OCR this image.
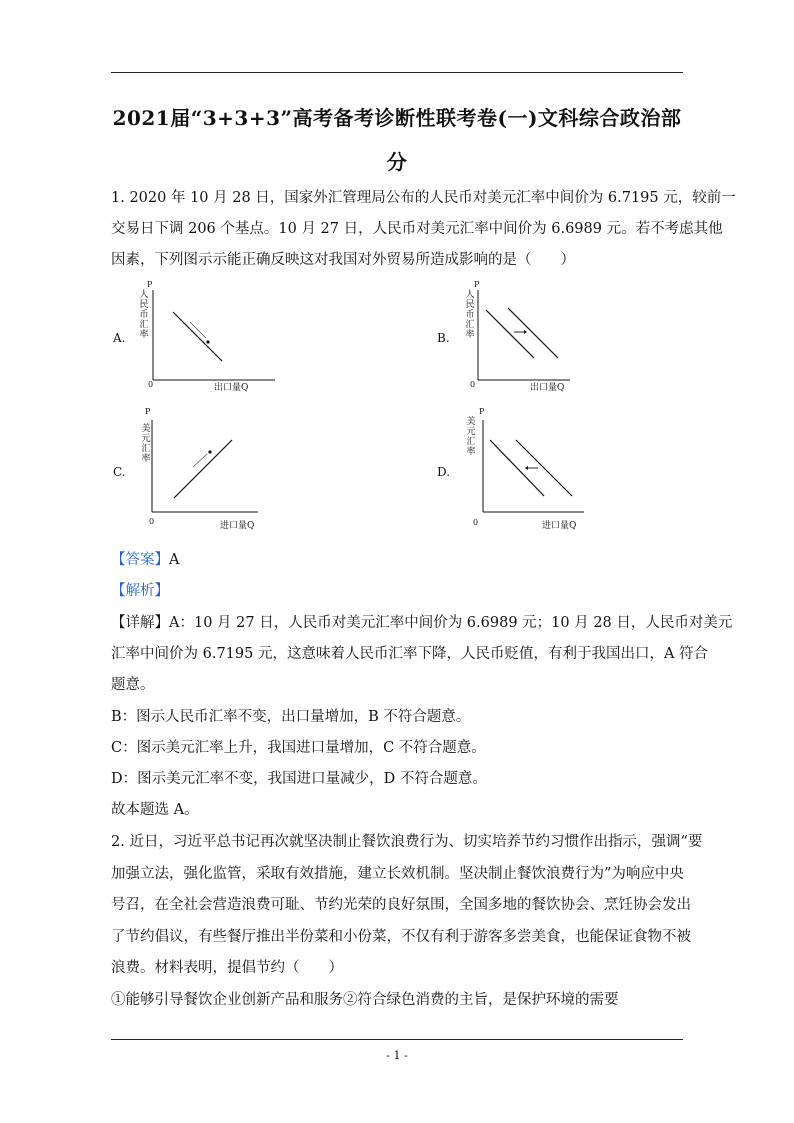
2021届“3+3+3”高考备考诊断性联考卷(一)文科综合政治部
分
1. 2020 年 10 月 28 日，国家外汇管理局公布的人民币对美元汇率中间价为 6.7195 元，较前一
交易日下调 206 个基点。10 月 27 日，人民币对美元汇率中间价为 6.6989 元。若不考虑其他
因素，下列图示示能正确反映这对我国对外贸易所造成影响的是（　　）
A.
P
人民币汇率
0	出口量Q
B.
P
人民币汇率
0	出口量Q
C.
P
美元汇率
0	进口量Q
D.
P
美元汇率
0	进口量Q
【答案】A
【解析】
【详解】A：10 月 27 日，人民币对美元汇率中间价为 6.6989 元；10 月 28 日，人民币对美元
汇率中间价为 6.7195 元，这意味着人民币汇率下降，人民币贬值，有利于我国出口，A 符合
题意。
B：图示人民币汇率不变，出口量增加，B 不符合题意。
C：图示美元汇率上升，我国进口量增加，C 不符合题意。
D：图示美元汇率不变，我国进口量减少，D 不符合题意。
故本题选 A。
2. 近日，习近平总书记再次就坚决制止餐饮浪费行为、切实培养节约习惯作出指示，强调“要
加强立法，强化监管，采取有效措施，建立长效机制。坚决制止餐饮浪费行为”为响应中央
号召，在全社会营造浪费可耻、节约光荣的良好氛围，全国多地的餐饮协会、烹饪协会发出
了节约倡议，有些餐厅推出半份菜和小份菜，不仅有利于游客多尝美食，也能保证食物不被
浪费。材料表明，提倡节约（　　）
①能够引导餐饮企业创新产品和服务②符合绿色消费的主旨，是保护环境的需要
- 1 -
